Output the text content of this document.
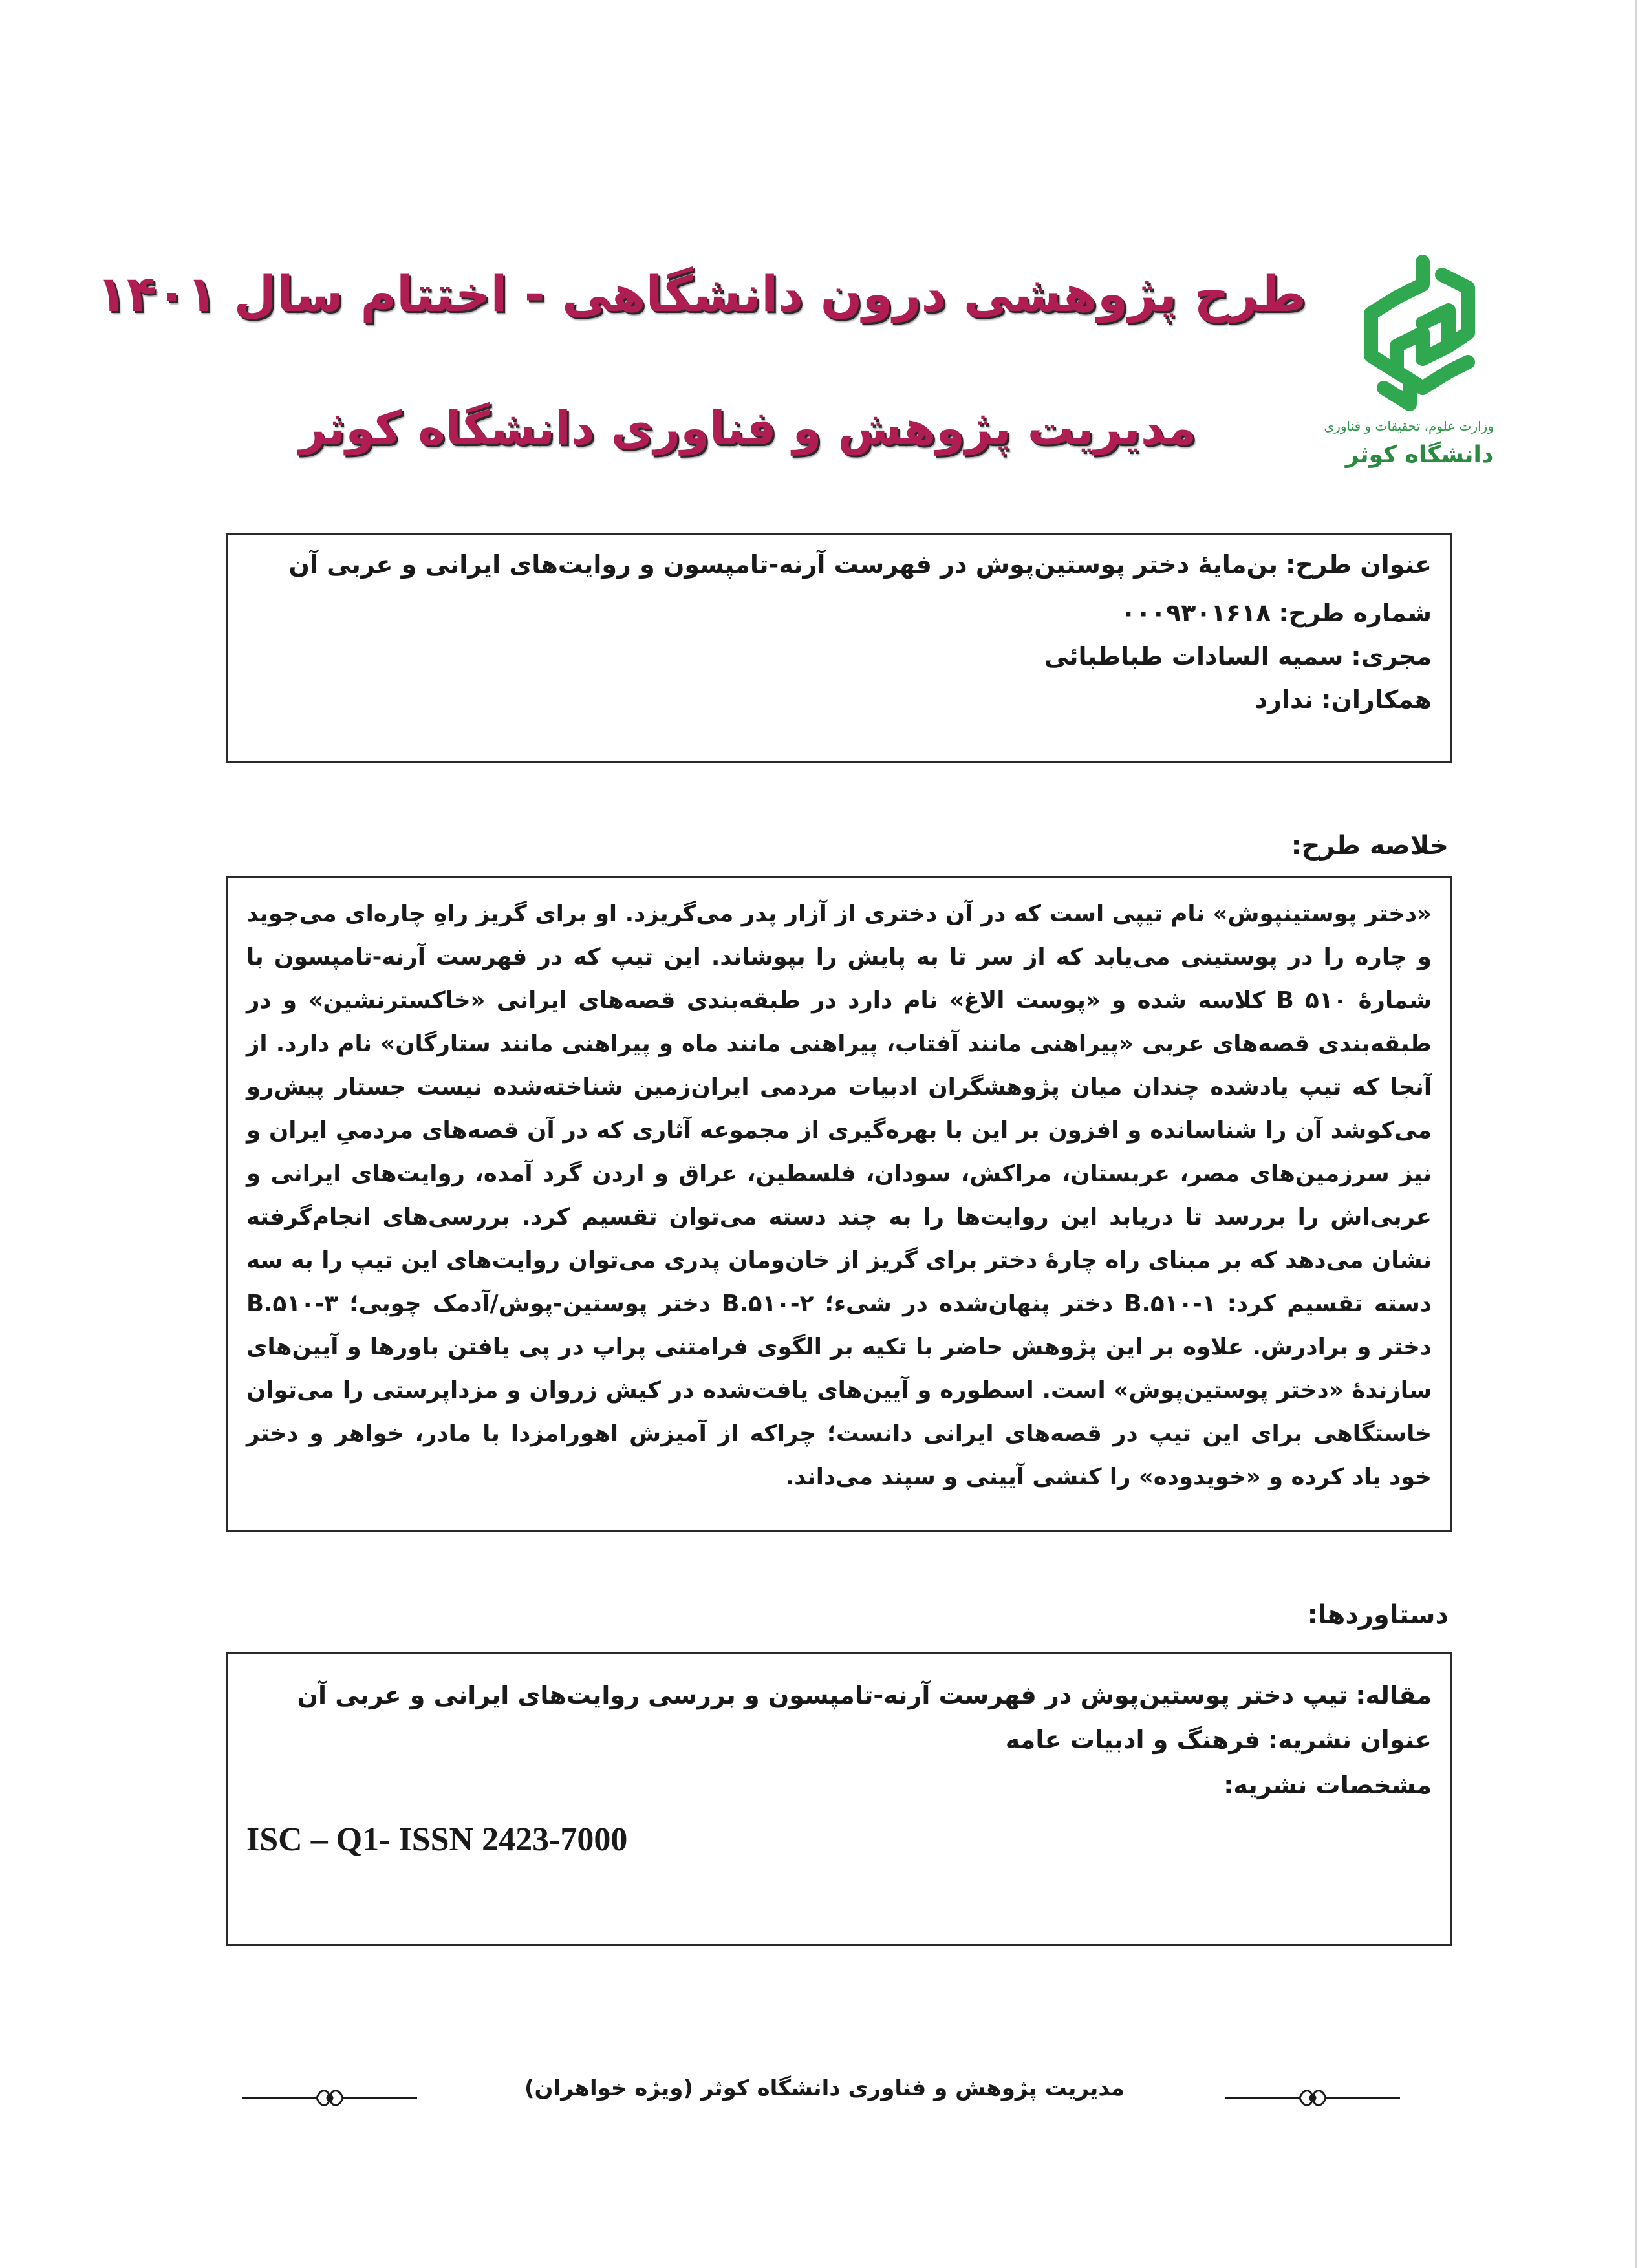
وزارت علوم، تحقیقات و فناوری
دانشگاه کوثر
طرح پژوهشی درون دانشگاهی - اختتام سال ۱۴۰۱
مدیریت پژوهش و فناوری دانشگاه کوثر
عنوان طرح:بن‌مایهٔ دختر پوستین‌پوش در فهرست آرنه-تامپسون و روایت‌های ایرانی و عربی آن
شماره طرح:۰۰۰۹۳۰۱۶۱۸
مجری:سمیه السادات طباطبائی
همکاران:ندارد
خلاصه طرح:
«دختر پوستینپوش» نام تیپی است که در آن دختری از آزار پدر می‌گریزد. او برای گریز راهِ چاره‌ای می‌جوید و چاره را در پوستینی می‌یابد که از سر تا به پایش را بپوشاند. این تیپ که در فهرست آرنه-تامپسون با شمارهٔ B ۵۱۰ کلاسه شده و «پوست الاغ» نام دارد در طبقه‌بندی قصه‌های ایرانی «خاکسترنشین» و در طبقه‌بندی قصه‌های عربی «پیراهنی مانند آفتاب، پیراهنی مانند ماه و پیراهنی مانند ستارگان» نام دارد. از آنجا که تیپ یادشده چندان میان پژوهشگران ادبیات مردمی ایران‌زمین شناخته‌شده نیست جستار پیش‌رو می‌کوشد آن را شناسانده و افزون بر این با بهره‌گیری از مجموعه آثاری که در آن قصه‌های مردمیِ ایران و نیز سرزمین‌های مصر، عربستان، مراکش، سودان، فلسطین، عراق و اردن گرد آمده، روایت‌های ایرانی و عربی‌اش را بررسد تا دریابد این روایت‌ها را به چند دسته می‌توان تقسیم کرد. بررسی‌های انجام‌گرفته نشان می‌دهد که بر مبنای راه چارهٔ دختر برای گریز از خان‌ومان پدری می‌توان روایت‌های این تیپ را به سه دسته تقسیم کرد: ۱-B.۵۱۰ دختر پنهان‌شده در شیء؛ ۲-B.۵۱۰ دختر پوستین-پوش/آدمک چوبی؛ ۳-B.۵۱۰ دختر و برادرش. علاوه بر این پژوهش حاضر با تکیه بر الگوی فرامتنی پراپ در پی یافتن باورها و آیین‌های سازندهٔ «دختر پوستین‌پوش» است. اسطوره و آیین‌های یافت‌شده در کیش زروان و مزداپرستی را می‌توان خاستگاهی برای این تیپ در قصه‌های ایرانی دانست؛ چراکه از آمیزش اهورامزدا با مادر، خواهر و دختر خود یاد کرده و «خویدوده» را کنشی آیینی و سپند می‌داند.
دستاوردها:
مقاله:تیپ دختر پوستین‌پوش در فهرست آرنه-تامپسون و بررسی روایت‌های ایرانی و عربی آن
عنوان نشریه:فرهنگ و ادبیات عامه
مشخصات نشریه:
ISC – Q1- ISSN 2423-7000
مدیریت پژوهش و فناوری دانشگاه کوثر (ویژه خواهران)
